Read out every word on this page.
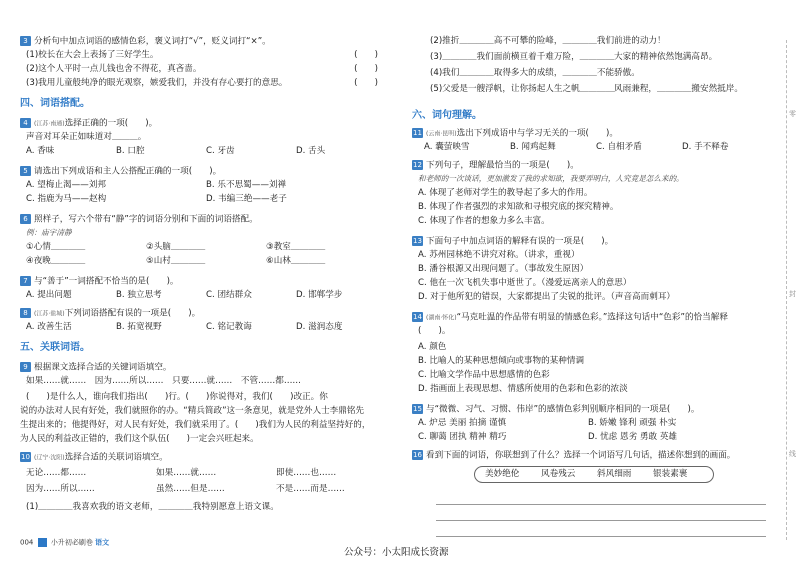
3 分析句中加点词语的感情色彩，褒义词打“√”，贬义词打“×”。
(1)校长在大会上表扬了三好学生。	(　　)
(2)这个人平时一点儿钱也舍不得花，真吝啬。	(　　)
(3)我用儿童般纯净的眼光观察，嫉爱我们，并没有存心要打的意思。	(　　)
四、词语搭配。
4 (江苏·南通)选择正确的一项(　　)。
声音对耳朵正如味道对＿＿＿。
A. 香味	B. 口腔	C. 牙齿	D. 舌头
5 请选出下列成语和主人公搭配正确的一项(　　)。
A. 望梅止渴——刘邦	B. 乐不思蜀——刘禅
C. 指鹿为马——赵构	D. 韦编三绝——老子
6 照样子，写六个带有“静”字的词语分别和下面的词语搭配。
例：庙宇清静
①心情＿＿＿＿	②头脑＿＿＿＿	③教室＿＿＿＿
④夜晚＿＿＿＿	⑤山村＿＿＿＿	⑥山林＿＿＿＿
7 与“善于”一词搭配不恰当的是(　　)。
A. 提出问题	B. 独立思考	C. 团结群众	D. 邯郸学步
8 (江苏·盐城)下列词语搭配有误的一项是(　　)。
A. 改善生活	B. 拓宽视野	C. 铭记教诲	D. 滋润态度
五、关联词语。
9 根据课文选择合适的关键词语填空。
如果……就……　因为……所以……　只要……就……　不管……都……
(　　)是什么人，谁向我们指出(　　)行。(　　)你说得对，我们(　　)改正。你
说的办法对人民有好处，我们就照你的办。“精兵简政”这一条意见，就是党外人士李鼎铭先
生提出来的；他提得好，对人民有好处，我们就采用了。(　　)我们为人民的利益坚持好的，
为人民的利益改正错的，我们这个队伍(　　)一定会兴旺起来。
10 (辽宁·沈阳)选择合适的关联词语填空。
无论……都……	如果……就……	即使……也……
因为……所以……	虽然……但是……	不是……而是……
(1)＿＿＿＿我喜欢我的语文老师，＿＿＿＿我特别愿意上语文课。
(2)推折＿＿＿＿高不可攀的险峰，＿＿＿＿我们前进的动力！
(3)＿＿＿＿我们面前横亘着千难万险，＿＿＿＿大家的精神依然饱满高昂。
(4)我们＿＿＿＿取得多大的成绩，＿＿＿＿不能骄傲。
(5)父爱是一艘浮帆，让你扬起人生之帆＿＿＿＿风雨兼程，＿＿＿＿搬安然抵岸。
六、词句理解。
11 (云南·昆明)选出下列成语中与学习无关的一项(　　)。
A. 囊萤映雪	B. 闻鸡起舞	C. 自相矛盾	D. 手不释卷
12 下列句子，理解最恰当的一项是(　　)。
和老师的一次谈话，更加激发了我的求知欲，我要弄明白，人究竟是怎么来的。
A. 体现了老师对学生的教导起了多大的作用。
B. 体现了作者强烈的求知欲和寻根究底的探究精神。
C. 体现了作者的想象力多么丰富。
13 下面句子中加点词语的解释有误的一项是(　　)。
A. 苏州园林绝不讲究对称。（讲求，重视）
B. 潘谷根源又出现问题了。（事故发生原因）
C. 他在一次飞机失事中逝世了。（漫爱远离亲人的意思）
D. 对于他所犯的错误，大家都提出了尖锐的批评。（声音高而刺耳）
14 (湖南·怀化)“马克吐温的作品带有明显的情感色彩。”选择这句话中“色彩”的恰当解释
(　　)。
A. 颜色
B. 比喻人的某种思想倾向或事物的某种情调
C. 比喻文学作品中思想感情的色彩
D. 指画面上表现思想、情感所使用的色彩和色彩的浓淡
15 与“微微、习气、习惯、伟岸”的感情色彩判别顺序相同的一项是(　　)。
A. 炉忌 美丽 拍摘 谨慎	B. 娇嫩 锋利 顽强 朴实
C. 聊蔼 团执 精神 精巧	D. 忧虑 恩劣 勇敢 英雄
16 看到下面的词语，你联想到了什么？选择一个词语写几句话，描述你想到的画面。
美妙绝伦	风卷残云	斜风细雨	银装素裹
零
封
线
004 小升初必刷卷 语文
公众号：小太阳成长资源
